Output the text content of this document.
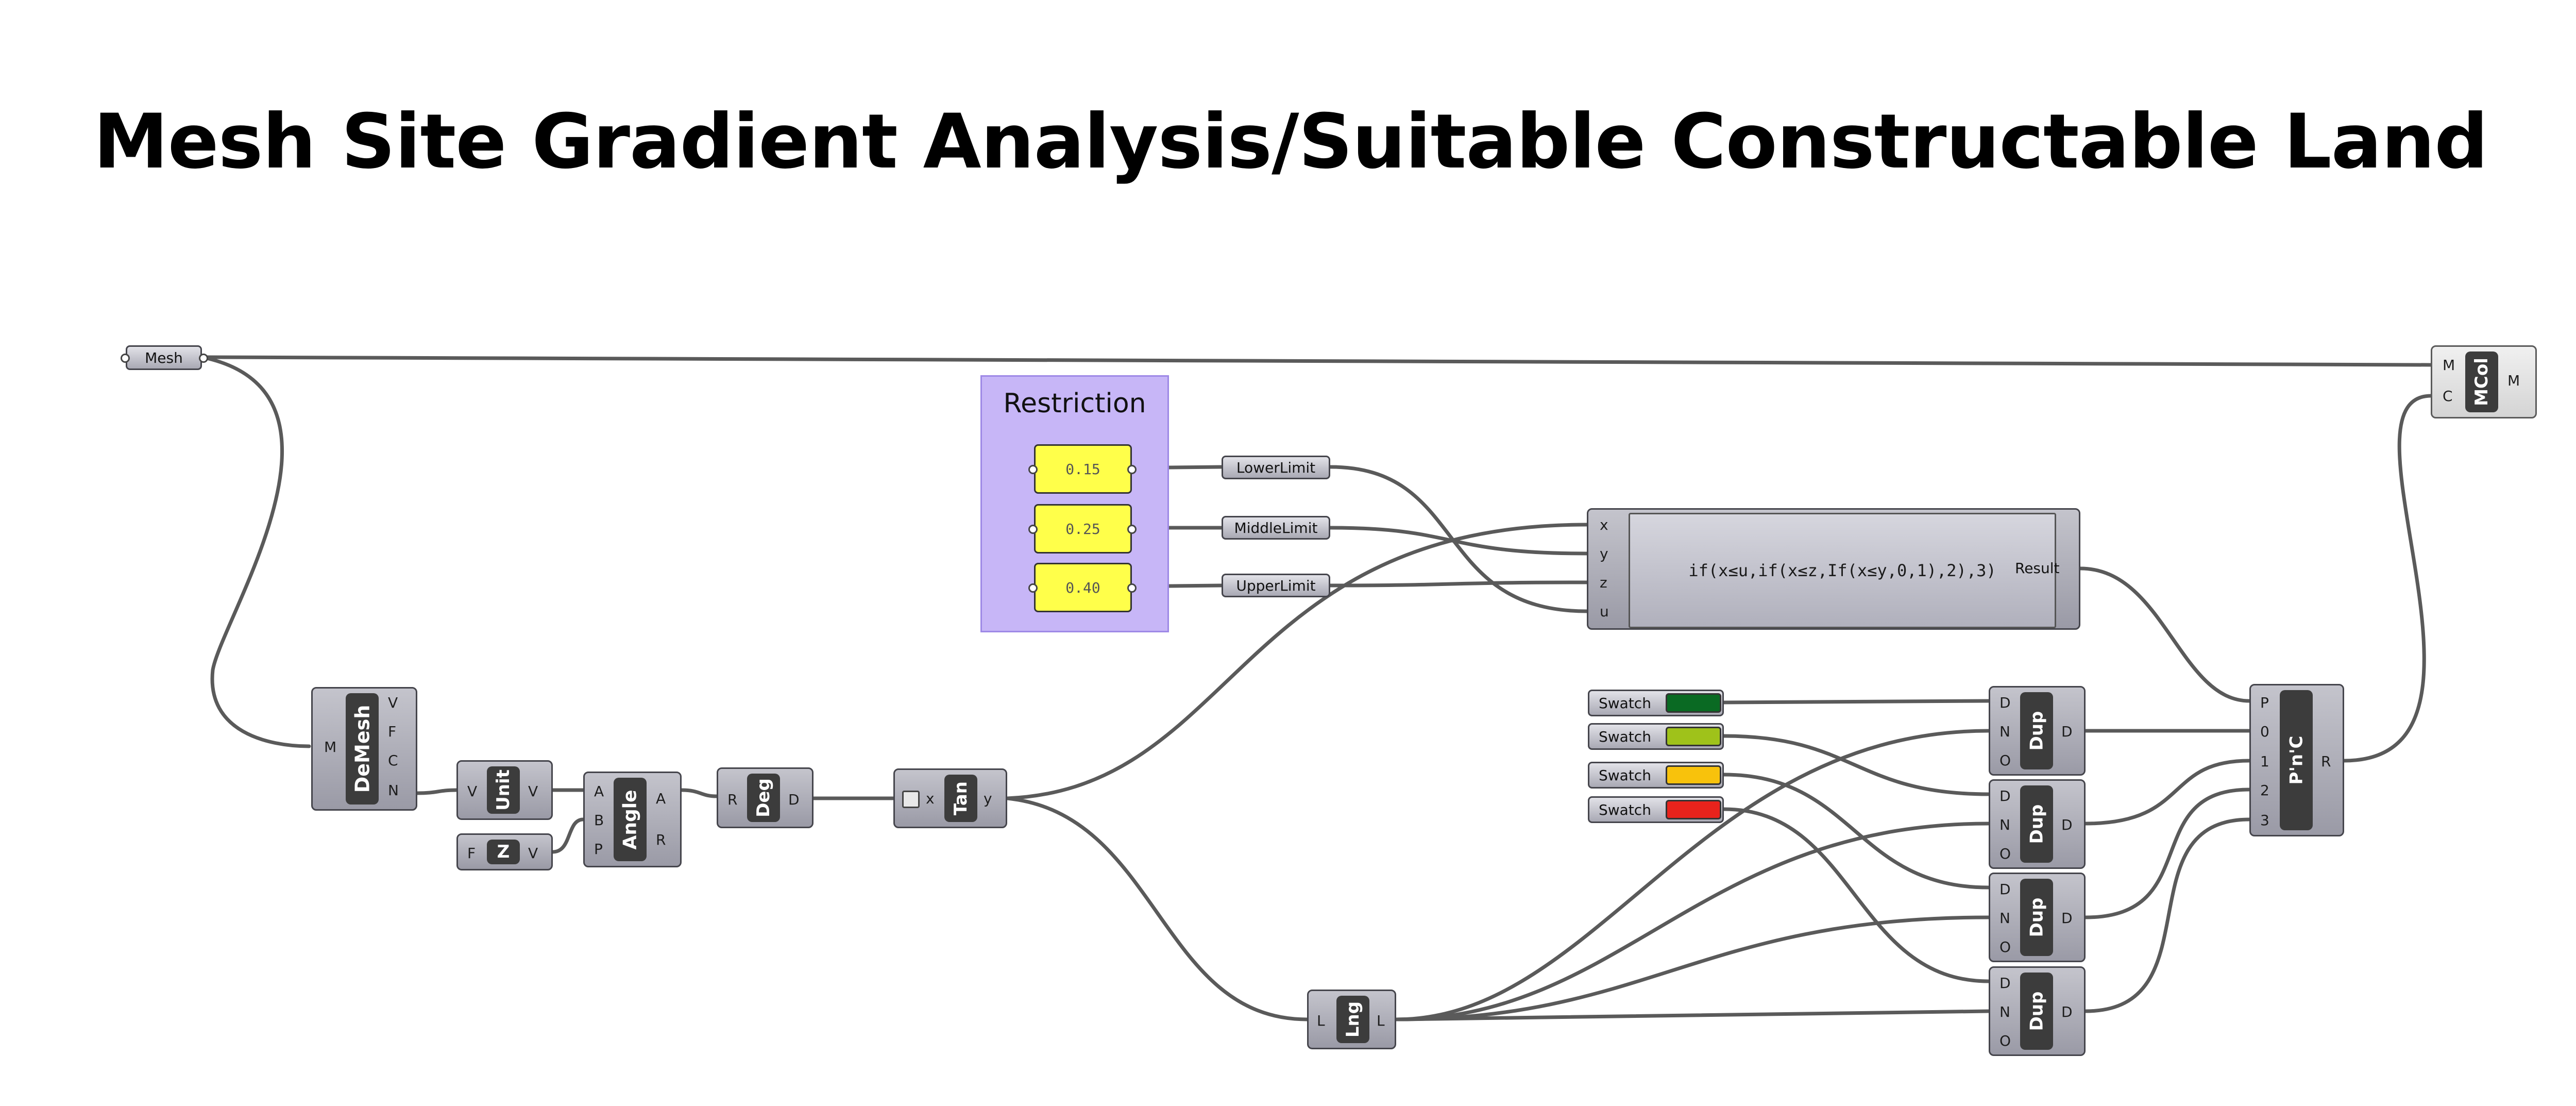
Mesh Site Gradient Analysis/Suitable Constructable Land
Mesh
Restriction
0.15
0.25
0.40
LowerLimit
MiddleLimit
UpperLimit
DeMesh
M
V
F
C
N	Unit
V	V
Z
F	V
Angle
A
B
P
A
R
Deg
R	D	Tan
x	y
Lng
L	L
x
y
z
u
if(x≤u,if(x≤z,If(x≤y,0,1),2),3) Result
Swatch
Swatch
Swatch
Swatch
Dup
D
N
O
D
Dup
D
N
O
D
Dup
D
N
O
D
Dup
D
N
O
D
P'n'C
P
0
1
2
3
R
MCol
M
C
M
